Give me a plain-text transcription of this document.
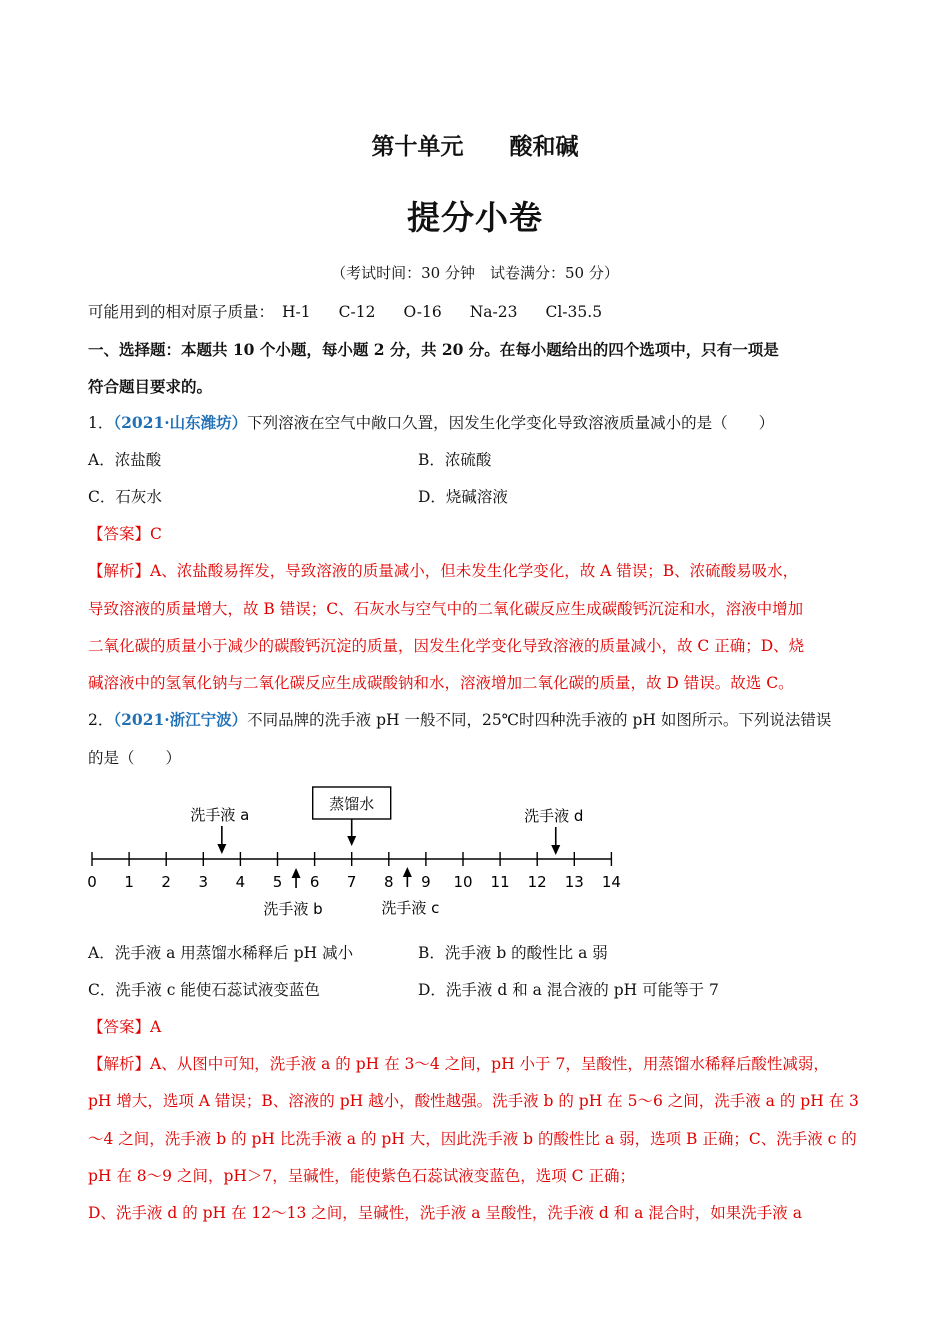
第十单元　　酸和碱
提分小卷
（考试时间：30 分钟　试卷满分：50 分）
可能用到的相对原子质量： H-1 C-12 O-16 Na-23 Cl-35.5
一、选择题：本题共 10 个小题，每小题 2 分，共 20 分。在每小题给出的四个选项中，只有一项是
符合题目要求的。
1．（2021·山东潍坊）下列溶液在空气中敞口久置，因发生化学变化导致溶液质量减小的是（　　）
A．浓盐酸	B．浓硫酸
C．石灰水	D．烧碱溶液
【答案】C
【解析】A、浓盐酸易挥发，导致溶液的质量减小，但未发生化学变化，故 A 错误；B、浓硫酸易吸水，
导致溶液的质量增大，故 B 错误；C、石灰水与空气中的二氧化碳反应生成碳酸钙沉淀和水，溶液中增加
二氧化碳的质量小于减少的碳酸钙沉淀的质量，因发生化学变化导致溶液的质量减小，故 C 正确；D、烧
碱溶液中的氢氧化钠与二氧化碳反应生成碳酸钠和水，溶液增加二氧化碳的质量，故 D 错误。故选 C。
2．（2021·浙江宁波）不同品牌的洗手液 pH 一般不同，25℃时四种洗手液的 pH 如图所示。下列说法错误
的是（　　）
0 1 2 3 4 5 6 7 8 9 10 11 12 13 14
洗手液 a
蒸馏水
洗手液 d
洗手液 b	洗手液 c
A．洗手液 a 用蒸馏水稀释后 pH 减小	B．洗手液 b 的酸性比 a 弱
C．洗手液 c 能使石蕊试液变蓝色	D．洗手液 d 和 a 混合液的 pH 可能等于 7
【答案】A
【解析】A、从图中可知，洗手液 a 的 pH 在 3～4 之间，pH 小于 7，呈酸性，用蒸馏水稀释后酸性减弱，
pH 增大，选项 A 错误；B、溶液的 pH 越小，酸性越强。洗手液 b 的 pH 在 5～6 之间，洗手液 a 的 pH 在 3
～4 之间，洗手液 b 的 pH 比洗手液 a 的 pH 大，因此洗手液 b 的酸性比 a 弱，选项 B 正确；C、洗手液 c 的
pH 在 8～9 之间，pH＞7，呈碱性，能使紫色石蕊试液变蓝色，选项 C 正确；
D、洗手液 d 的 pH 在 12～13 之间，呈碱性，洗手液 a 呈酸性，洗手液 d 和 a 混合时，如果洗手液 a
